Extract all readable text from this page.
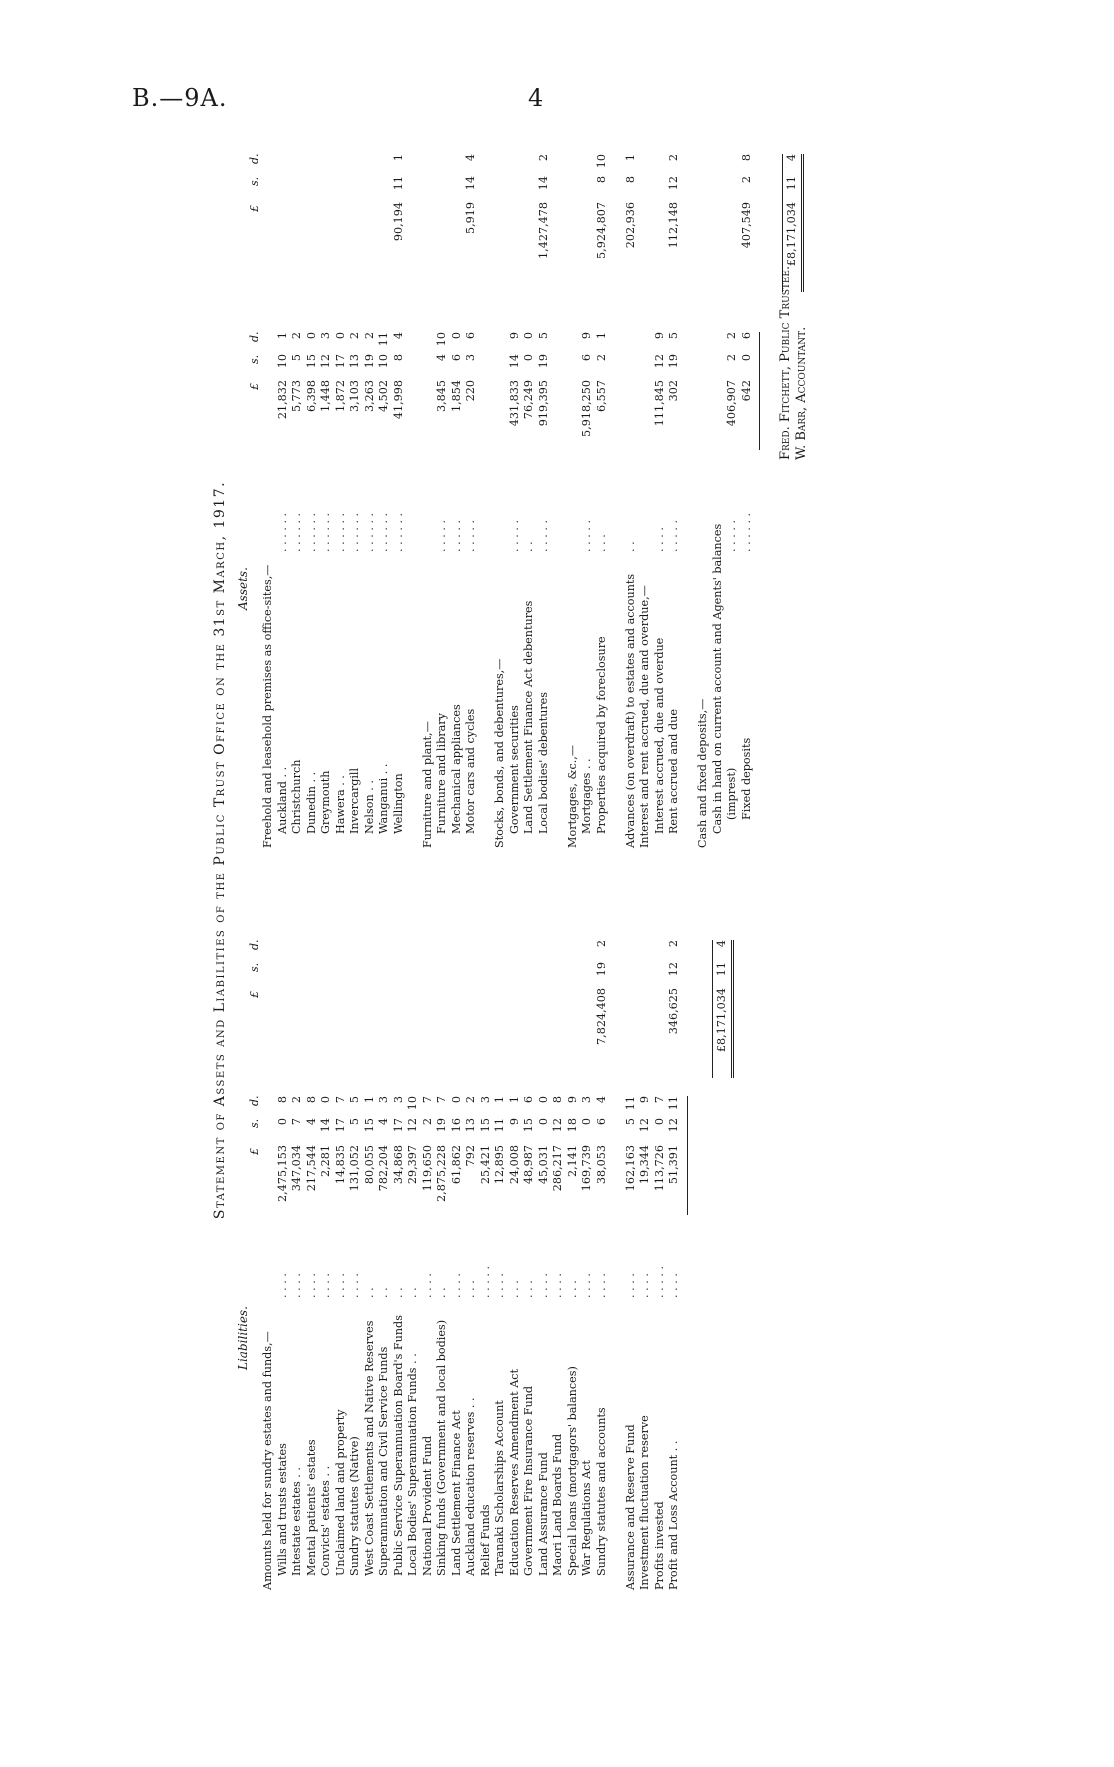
B.—9A.	4
Statement of Assets and Liabilities of the Public Trust Office on the 31st March, 1917.
Liabilities.
Assets.
£
s.
d.
£
s.
d.
Amounts held for sundry estates and funds,— Wills and trusts estates
. . . .
2,475,153
0
8
Intestate estates . .
. . . .
347,034
7
2
Mental patients' estates
. . . .
217,544
4
8
Convicts' estates . .
. . . .
2,281
14
0
Unclaimed land and property
. . . .
14,835
17
7
Sundry statutes (Native)
. . . .
131,052
5
5
West Coast Settlements and Native Reserves
. .
80,055
15
1
Superannuation and Civil Service Funds
. .
782,204
4
3
Public Service Superannuation Board's Funds
. .
34,868
17
3
Local Bodies' Superannuation Funds . .
. .
29,397
12
10
National Provident Fund
. . . .
119,650
2
7
Sinking funds (Government and local bodies)
. .
2,875,228
19
7
Land Settlement Finance Act
. . . .
61,862
16
0
Auckland education reserves . .
. . .
792
13
2
Relief Funds
. . . . .
25,421
15
3
Taranaki Scholarships Account
. . . .
12,895
11
1
Education Reserves Amendment Act
. . .
24,008
9
1
Government Fire Insurance Fund
. . .
48,987
15
6
Land Assurance Fund
. . . .
45,031
0
0
Maori Land Boards Fund
. . . .
286,217
12
8
Special loans (mortgagors' balances)
. . .
2,141
18
9
War Regulations Act
. . . .
169,739
0
3
Sundry statutes and accounts
. . . .
38,053
6
4
7,824,408
19
2
Assurance and Reserve Fund
. . . .
162,163
5
11
Investment fluctuation reserve
. . . .
19,344
12
9
Profits invested
. . . . .
113,726
0
7
Profit and Loss Account . .
. . . .
51,391
12
11
346,625
12
2
£8,171,034
11
4
£
s.
d.
£
s.
d.
Freehold and leasehold premises as office-sites,— Auckland . .
. . . . . .
21,832
10
1
Christchurch
. . . . . .
5,773
5
2
Dunedin . .
. . . . . .
6,398
15
0
Greymouth
. . . . . .
1,448
12
3
Hawera . .
. . . . . .
1,872
17
0
Invercargill
. . . . . .
3,103
13
2
Nelson . .
. . . . . .
3,263
19
2
Wanganui . .
. . . . . .
4,502
10
11
Wellington
. . . . . .
41,998
8
4
90,194
11
1
Furniture and plant,— Furniture and library
. . . . .
3,845
4
10
Mechanical appliances
. . . . .
1,854
6
0
Motor cars and cycles
. . . . .
220
3
6
5,919
14
4
Stocks, bonds, and debentures,— Government securities
. . . . .
431,833
14
9
Land Settlement Finance Act debentures
. .
76,249
0
0
Local bodies' debentures
. . . . .
919,395
19
5
1,427,478
14
2
Mortgages, &c.,— Mortgages . .
. . . . .
5,918,250
6
9
Properties acquired by foreclosure
. . .
6,557
2
1
5,924,807
8
10
Advances (on overdraft) to estates and accounts
. .
202,936
8
1
Interest and rent accrued, due and overdue,— Interest accrued, due and overdue
. . . .
111,845
12
9
Rent accrued and due
. . . . .
302
19
5
112,148
12
2
Cash and fixed deposits,— Cash in hand on current account and Agents' balances (imprest)
. . . . .
406,907
2
2
Fixed deposits
. . . . . .
642
0
6
407,549
2
8
£8,171,034
11
4
Fred. Fitchett, Public Trustee. W. Barr, Accountant.
